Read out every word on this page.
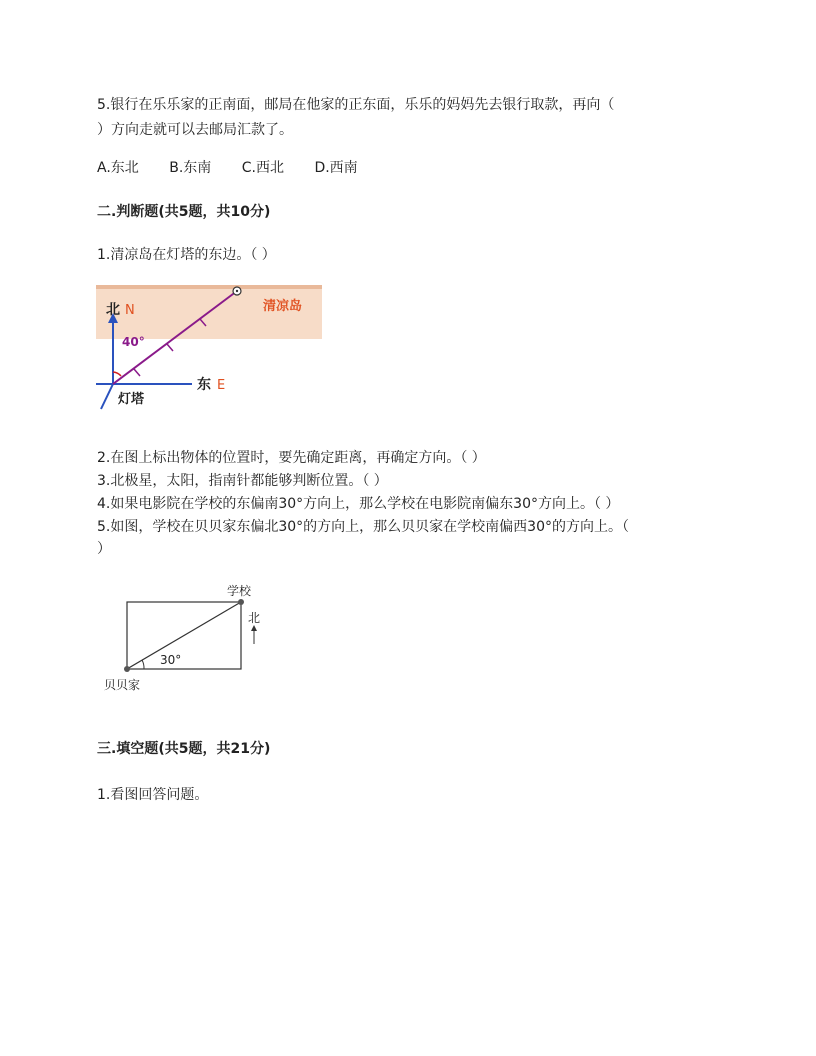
5.银行在乐乐家的正南面，邮局在他家的正东面，乐乐的妈妈先去银行取款，再向（
）方向走就可以去邮局汇款了。
A.东北 B.东南 C.西北 D.西南
二.判断题(共5题，共10分)
1.清凉岛在灯塔的东边。（ ）
清凉岛
北 N
东 E
40°
灯塔
2.在图上标出物体的位置时，要先确定距离，再确定方向。（ ）
3.北极星，太阳，指南针都能够判断位置。（ ）
4.如果电影院在学校的东偏南30°方向上，那么学校在电影院南偏东30°方向上。（ ）
5.如图，学校在贝贝家东偏北30°的方向上，那么贝贝家在学校南偏西30°的方向上。（
）
30°
学校
北
贝贝家
三.填空题(共5题，共21分)
1.看图回答问题。
